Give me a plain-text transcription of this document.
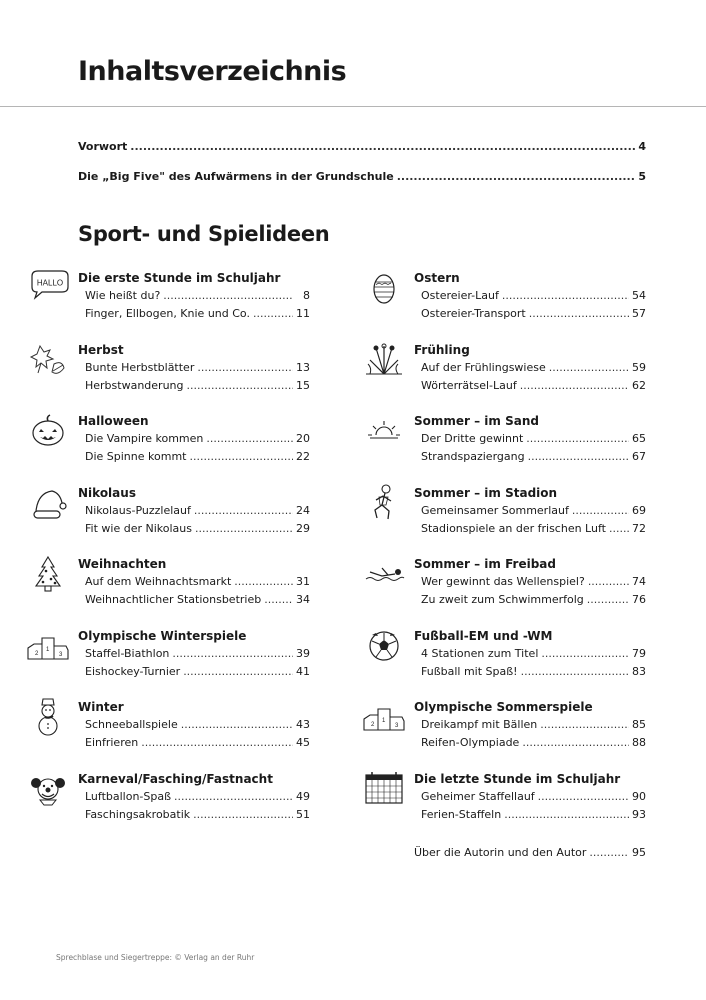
Inhaltsverzeichnis
Vorwort .....	4
Die „Big Five" des Aufwärmens in der Grundschule .....	5
Sport- und Spielideen
HALLO Die erste Stunde im Schuljahr
Wie heißt du? .....	8
Finger, Ellbogen, Knie und Co. .....	11
Herbst
Bunte Herbstblätter .....	13
Herbstwanderung .....	15
Halloween
Die Vampire kommen .....	20
Die Spinne kommt .....	22
Nikolaus
Nikolaus-Puzzlelauf .....	24
Fit wie der Nikolaus .....	29
Weihnachten
Auf dem Weihnachtsmarkt .....	31
Weihnachtlicher Stationsbetrieb .....	34
2
1
3
Olympische Winterspiele
Staffel-Biathlon .....	39
Eishockey-Turnier .....	41
Winter
Schneeballspiele .....	43
Einfrieren .....	45
Karneval/Fasching/Fastnacht
Luftballon-Spaß .....	49
Faschingsakrobatik .....	51
Ostern
Ostereier-Lauf .....	54
Ostereier-Transport .....	57
Frühling
Auf der Frühlingswiese .....	59
Wörterrätsel-Lauf .....	62
Sommer – im Sand
Der Dritte gewinnt .....	65
Strandspaziergang .....	67
Sommer – im Stadion
Gemeinsamer Sommerlauf .....	69
Stadionspiele an der frischen Luft ..... 72
Sommer – im Freibad
Wer gewinnt das Wellenspiel? .....	74
Zu zweit zum Schwimmerfolg .....	76
Fußball-EM und -WM
4 Stationen zum Titel .....	79
Fußball mit Spaß! .....	83
2
1
3
Olympische Sommerspiele
Dreikampf mit Bällen .....	85
Reifen-Olympiade .....	88
Die letzte Stunde im Schuljahr
Geheimer Staffellauf .....	90
Ferien-Staffeln .....	93
Über die Autorin und den Autor .....	95
Sprechblase und Siegertreppe: © Verlag an der Ruhr
